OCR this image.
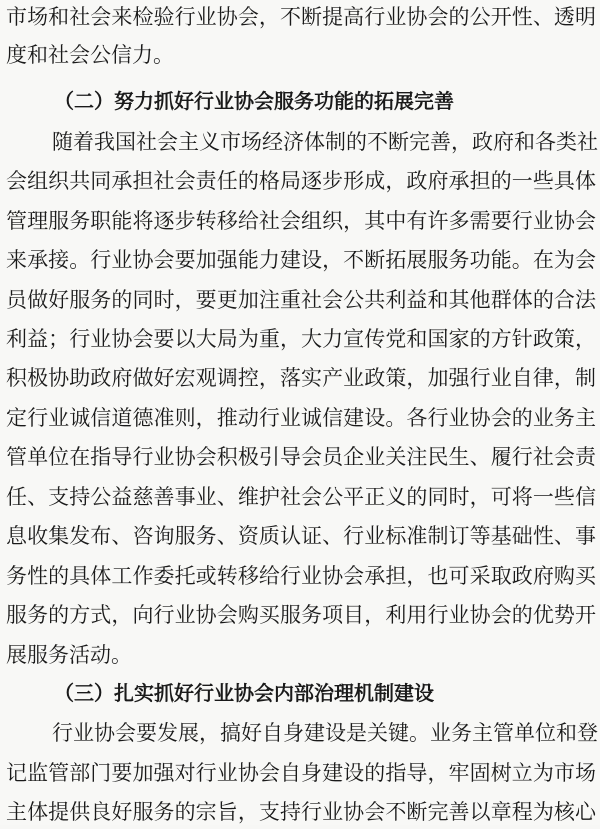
市场和社会来检验行业协会，不断提高行业协会的公开性、透明
度和社会公信力。
（二）努力抓好行业协会服务功能的拓展完善
随着我国社会主义市场经济体制的不断完善，政府和各类社
会组织共同承担社会责任的格局逐步形成，政府承担的一些具体
管理服务职能将逐步转移给社会组织，其中有许多需要行业协会
来承接。行业协会要加强能力建设，不断拓展服务功能。在为会
员做好服务的同时，要更加注重社会公共利益和其他群体的合法
利益；行业协会要以大局为重，大力宣传党和国家的方针政策，
积极协助政府做好宏观调控，落实产业政策，加强行业自律，制
定行业诚信道德准则，推动行业诚信建设。各行业协会的业务主
管单位在指导行业协会积极引导会员企业关注民生、履行社会责
任、支持公益慈善事业、维护社会公平正义的同时，可将一些信
息收集发布、咨询服务、资质认证、行业标准制订等基础性、事
务性的具体工作委托或转移给行业协会承担，也可采取政府购买
服务的方式，向行业协会购买服务项目，利用行业协会的优势开
展服务活动。
（三）扎实抓好行业协会内部治理机制建设
行业协会要发展，搞好自身建设是关键。业务主管单位和登
记监管部门要加强对行业协会自身建设的指导，牢固树立为市场
主体提供良好服务的宗旨，支持行业协会不断完善以章程为核心
